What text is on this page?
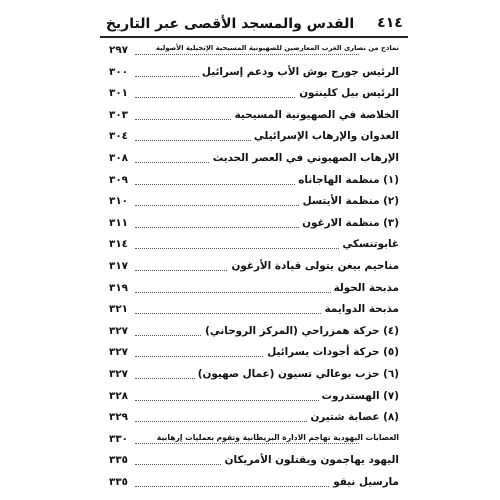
القدس والمسجد الأقصى عبر التاريخ	٤١٤
نماذج من نصارى الغرب المعارضين للصهيونية المسيحية الإنجيلية الأصولية
٢٩٧
الرئيس جورج بوش الأب ودعم إسرائيل
٣٠٠
الرئيس بيل كلينتون
٣٠١
الخلاصة في الصهيونية المسيحية
٣٠٣
العدوان والإرهاب الإسرائيلي
٣٠٤
الإرهاب الصهيوني في العصر الحديث
٣٠٨
(١) منظمة الهاجاناه
٣٠٩
(٢) منظمة الأيتسل
٣١٠
(٣) منظمة الارغون
٣١١
غابوتنسكي
٣١٤
مناحيم بيغن يتولى قيادة الأرغون
٣١٧
مذبحة الحولة
٣١٩
مذبحة الدوايمة
٣٢١
(٤) حركة همزراحي (المركز الروحاني)
٣٢٧
(٥) حركة أجودات يسرائيل
٣٢٧
(٦) حزب بوعالي تسيون (عمال صهيون)
٣٢٧
(٧) الهستدروت
٣٢٨
(٨) عصابة شتيرن
٣٢٩
العصابات اليهودية تهاجم الادارة البريطانية وتقوم بعمليات إرهابية
٣٣٠
اليهود يهاجمون ويقتلون الأمريكان
٣٣٥
مارسيل نيقو
٣٣٥
